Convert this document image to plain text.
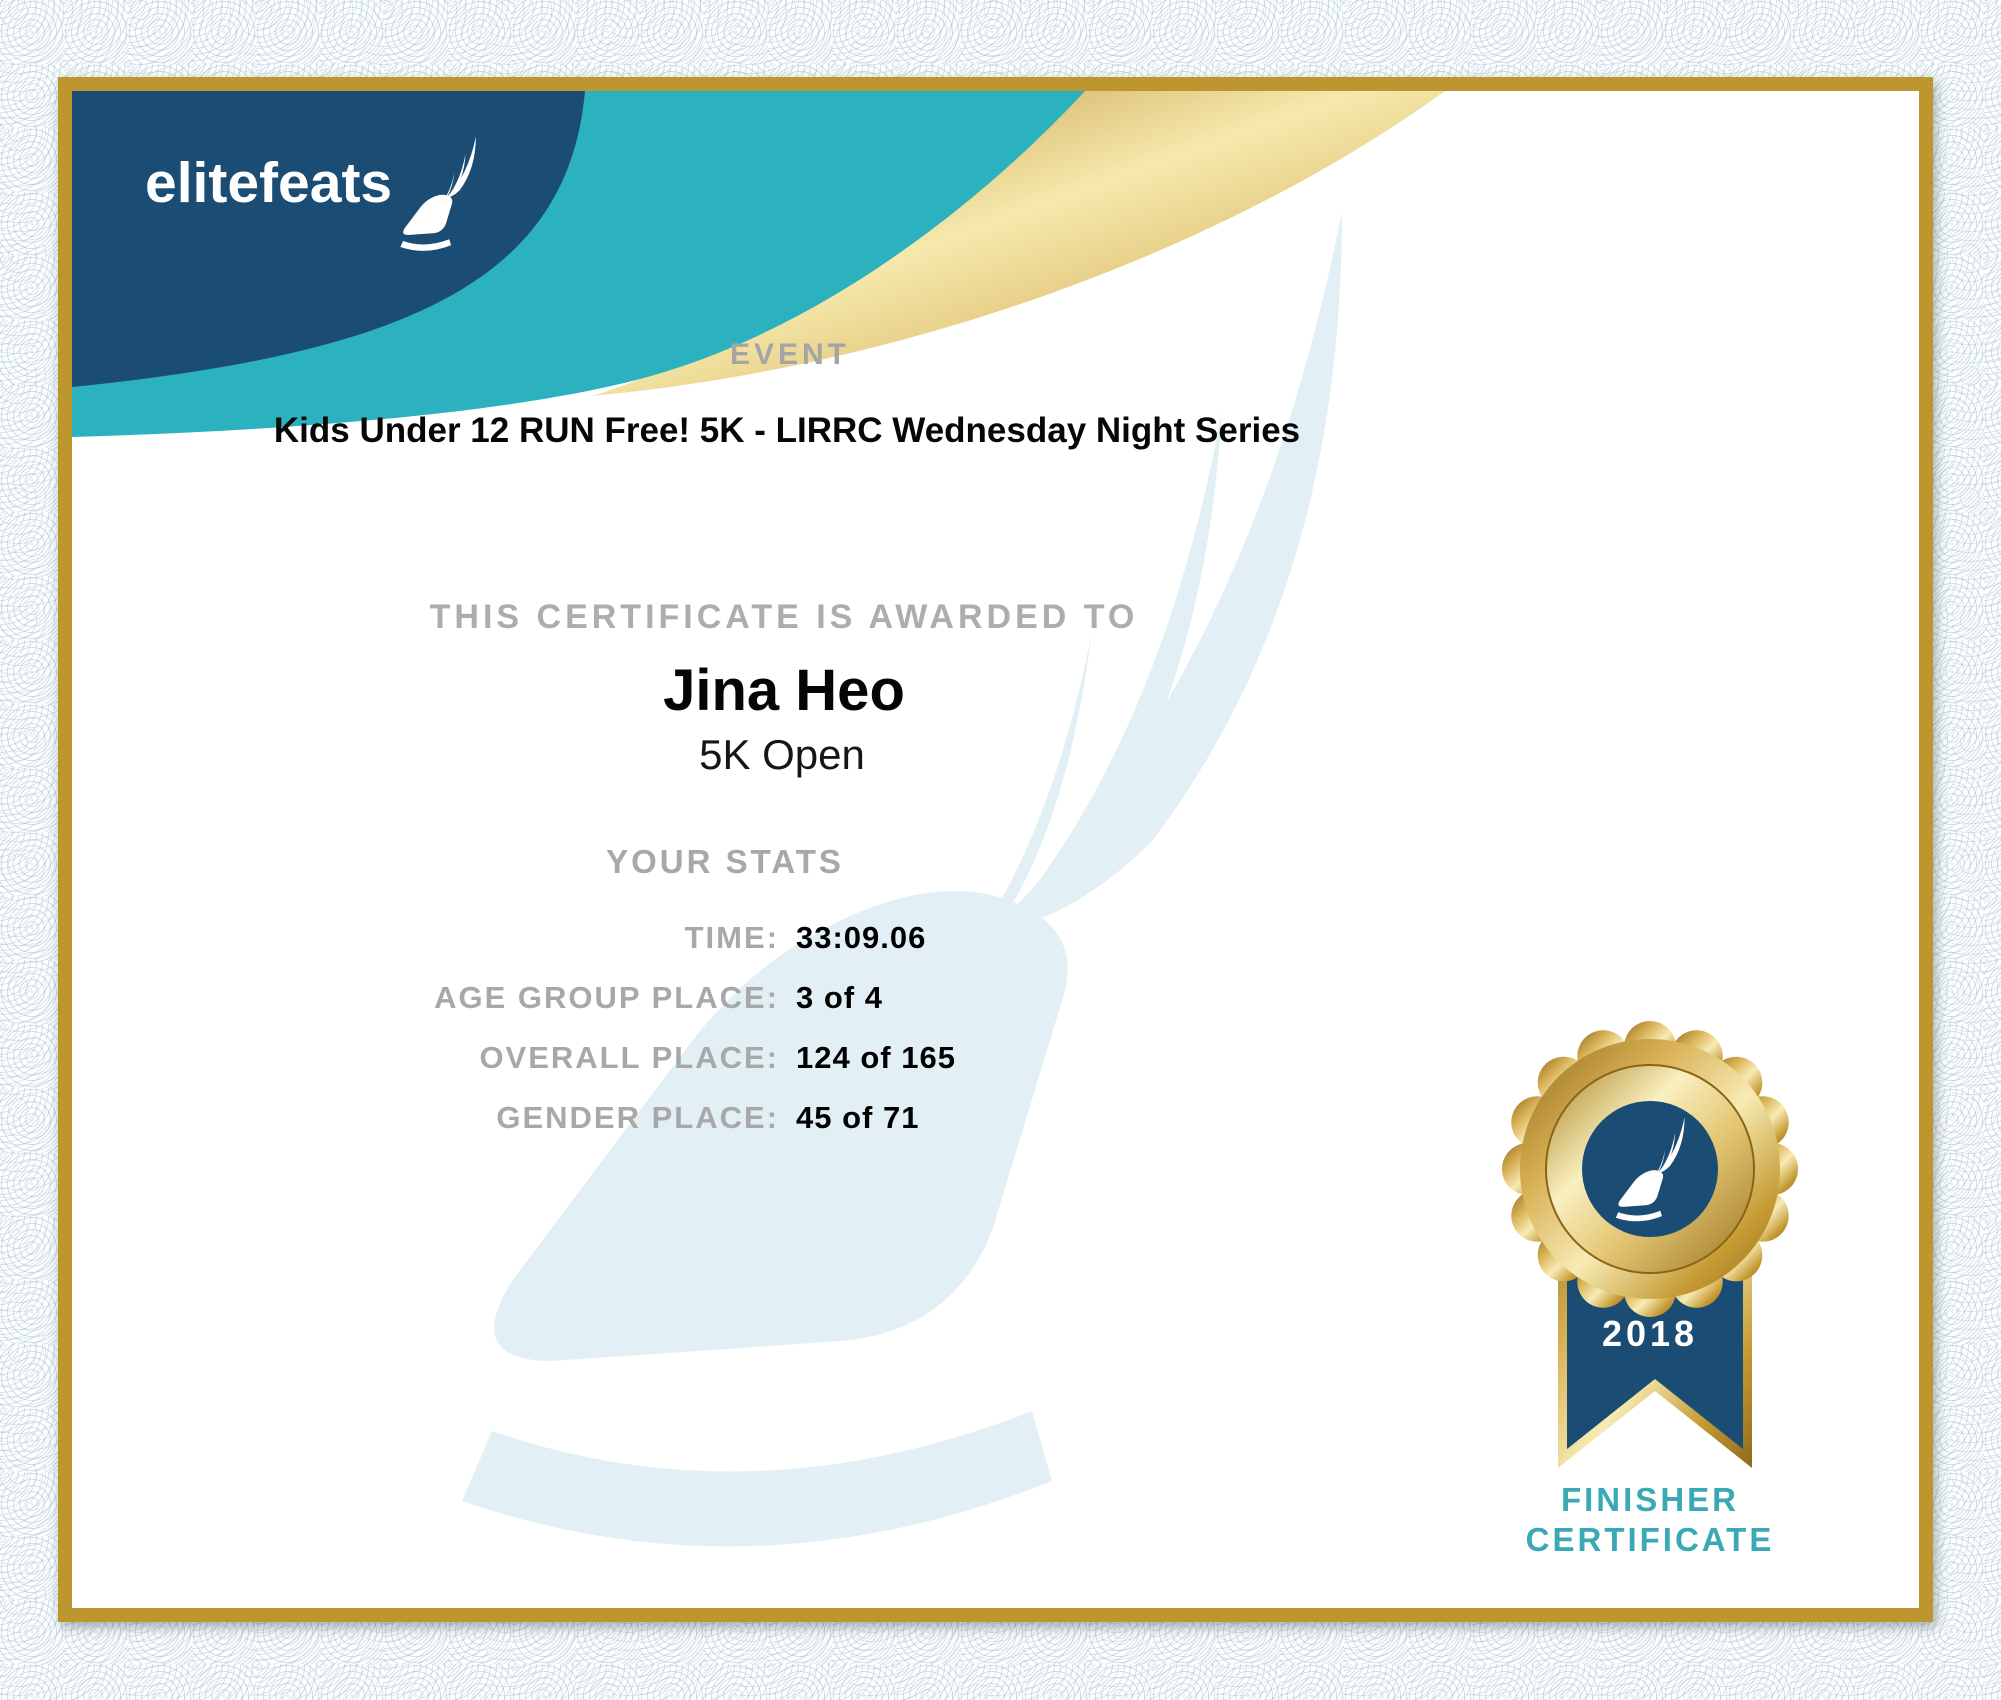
elitefeats
EVENT
Kids Under 12 RUN Free! 5K - LIRRC Wednesday Night Series
THIS CERTIFICATE IS AWARDED TO
Jina Heo
5K Open
YOUR STATS
TIME: 33:09.06
AGE GROUP PLACE: 3 of 4
OVERALL PLACE: 124 of 165
GENDER PLACE: 45 of 71
2018
FINISHER
CERTIFICATE
